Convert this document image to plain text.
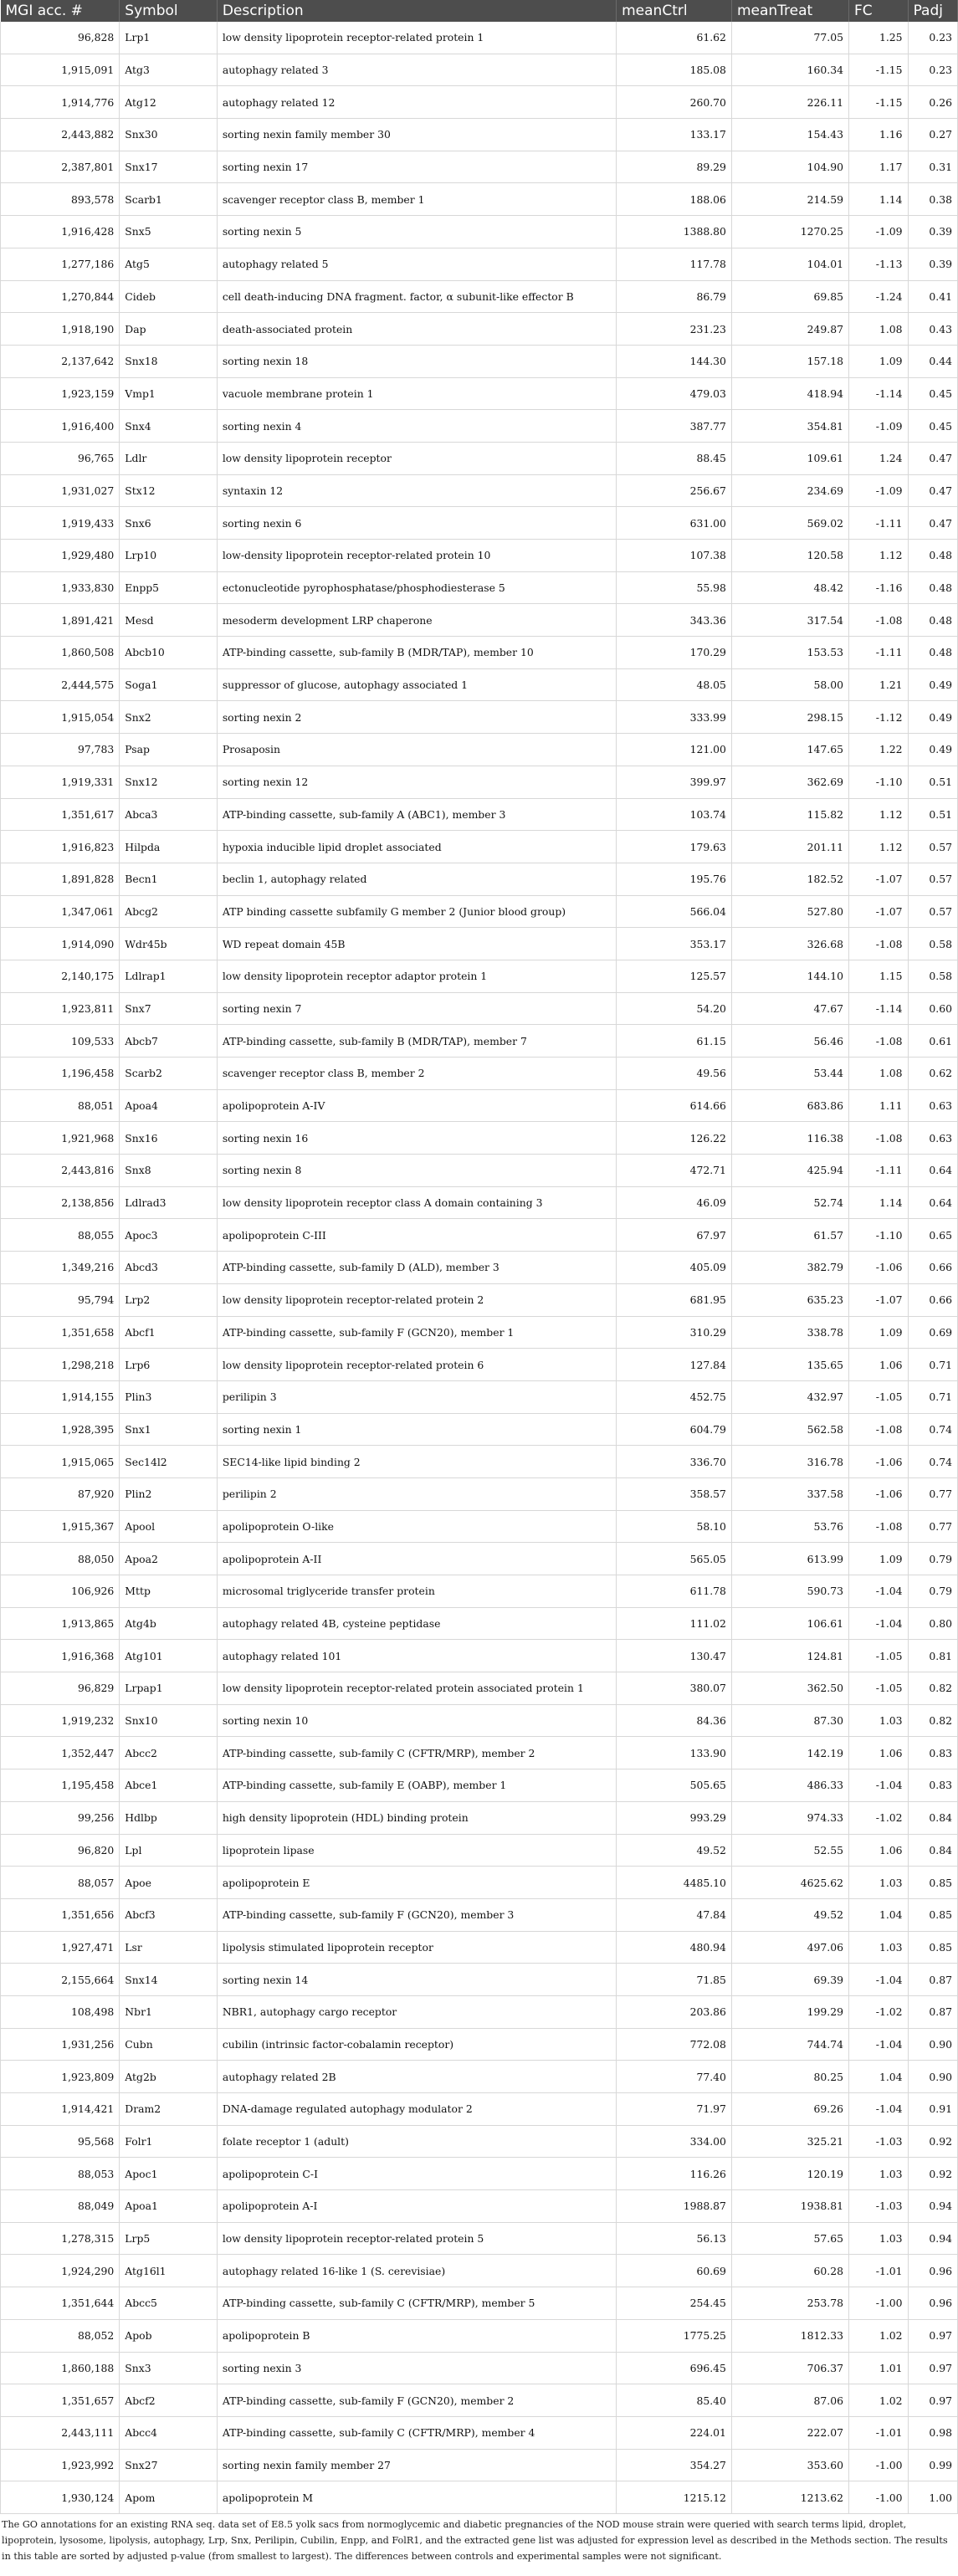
MGI acc. #	Symbol	Description	meanCtrl	meanTreat	FC	Padj
96,828	Lrp1	low density lipoprotein receptor-related protein 1	61.62	77.05	1.25	0.23
1,915,091	Atg3	autophagy related 3	185.08	160.34	-1.15	0.23
1,914,776	Atg12	autophagy related 12	260.70	226.11	-1.15	0.26
2,443,882	Snx30	sorting nexin family member 30	133.17	154.43	1.16	0.27
2,387,801	Snx17	sorting nexin 17	89.29	104.90	1.17	0.31
893,578	Scarb1	scavenger receptor class B, member 1	188.06	214.59	1.14	0.38
1,916,428	Snx5	sorting nexin 5	1388.80	1270.25	-1.09	0.39
1,277,186	Atg5	autophagy related 5	117.78	104.01	-1.13	0.39
1,270,844	Cideb	cell death-inducing DNA fragment. factor, α subunit-like effector B	86.79	69.85	-1.24	0.41
1,918,190	Dap	death-associated protein	231.23	249.87	1.08	0.43
2,137,642	Snx18	sorting nexin 18	144.30	157.18	1.09	0.44
1,923,159	Vmp1	vacuole membrane protein 1	479.03	418.94	-1.14	0.45
1,916,400	Snx4	sorting nexin 4	387.77	354.81	-1.09	0.45
96,765	Ldlr	low density lipoprotein receptor	88.45	109.61	1.24	0.47
1,931,027	Stx12	syntaxin 12	256.67	234.69	-1.09	0.47
1,919,433	Snx6	sorting nexin 6	631.00	569.02	-1.11	0.47
1,929,480	Lrp10	low-density lipoprotein receptor-related protein 10	107.38	120.58	1.12	0.48
1,933,830	Enpp5	ectonucleotide pyrophosphatase/phosphodiesterase 5	55.98	48.42	-1.16	0.48
1,891,421	Mesd	mesoderm development LRP chaperone	343.36	317.54	-1.08	0.48
1,860,508	Abcb10	ATP-binding cassette, sub-family B (MDR/TAP), member 10	170.29	153.53	-1.11	0.48
2,444,575	Soga1	suppressor of glucose, autophagy associated 1	48.05	58.00	1.21	0.49
1,915,054	Snx2	sorting nexin 2	333.99	298.15	-1.12	0.49
97,783	Psap	Prosaposin	121.00	147.65	1.22	0.49
1,919,331	Snx12	sorting nexin 12	399.97	362.69	-1.10	0.51
1,351,617	Abca3	ATP-binding cassette, sub-family A (ABC1), member 3	103.74	115.82	1.12	0.51
1,916,823	Hilpda	hypoxia inducible lipid droplet associated	179.63	201.11	1.12	0.57
1,891,828	Becn1	beclin 1, autophagy related	195.76	182.52	-1.07	0.57
1,347,061	Abcg2	ATP binding cassette subfamily G member 2 (Junior blood group)	566.04	527.80	-1.07	0.57
1,914,090	Wdr45b	WD repeat domain 45B	353.17	326.68	-1.08	0.58
2,140,175	Ldlrap1	low density lipoprotein receptor adaptor protein 1	125.57	144.10	1.15	0.58
1,923,811	Snx7	sorting nexin 7	54.20	47.67	-1.14	0.60
109,533	Abcb7	ATP-binding cassette, sub-family B (MDR/TAP), member 7	61.15	56.46	-1.08	0.61
1,196,458	Scarb2	scavenger receptor class B, member 2	49.56	53.44	1.08	0.62
88,051	Apoa4	apolipoprotein A-IV	614.66	683.86	1.11	0.63
1,921,968	Snx16	sorting nexin 16	126.22	116.38	-1.08	0.63
2,443,816	Snx8	sorting nexin 8	472.71	425.94	-1.11	0.64
2,138,856	Ldlrad3	low density lipoprotein receptor class A domain containing 3	46.09	52.74	1.14	0.64
88,055	Apoc3	apolipoprotein C-III	67.97	61.57	-1.10	0.65
1,349,216	Abcd3	ATP-binding cassette, sub-family D (ALD), member 3	405.09	382.79	-1.06	0.66
95,794	Lrp2	low density lipoprotein receptor-related protein 2	681.95	635.23	-1.07	0.66
1,351,658	Abcf1	ATP-binding cassette, sub-family F (GCN20), member 1	310.29	338.78	1.09	0.69
1,298,218	Lrp6	low density lipoprotein receptor-related protein 6	127.84	135.65	1.06	0.71
1,914,155	Plin3	perilipin 3	452.75	432.97	-1.05	0.71
1,928,395	Snx1	sorting nexin 1	604.79	562.58	-1.08	0.74
1,915,065	Sec14l2	SEC14-like lipid binding 2	336.70	316.78	-1.06	0.74
87,920	Plin2	perilipin 2	358.57	337.58	-1.06	0.77
1,915,367	Apool	apolipoprotein O-like	58.10	53.76	-1.08	0.77
88,050	Apoa2	apolipoprotein A-II	565.05	613.99	1.09	0.79
106,926	Mttp	microsomal triglyceride transfer protein	611.78	590.73	-1.04	0.79
1,913,865	Atg4b	autophagy related 4B, cysteine peptidase	111.02	106.61	-1.04	0.80
1,916,368	Atg101	autophagy related 101	130.47	124.81	-1.05	0.81
96,829	Lrpap1	low density lipoprotein receptor-related protein associated protein 1	380.07	362.50	-1.05	0.82
1,919,232	Snx10	sorting nexin 10	84.36	87.30	1.03	0.82
1,352,447	Abcc2	ATP-binding cassette, sub-family C (CFTR/MRP), member 2	133.90	142.19	1.06	0.83
1,195,458	Abce1	ATP-binding cassette, sub-family E (OABP), member 1	505.65	486.33	-1.04	0.83
99,256	Hdlbp	high density lipoprotein (HDL) binding protein	993.29	974.33	-1.02	0.84
96,820	Lpl	lipoprotein lipase	49.52	52.55	1.06	0.84
88,057	Apoe	apolipoprotein E	4485.10	4625.62	1.03	0.85
1,351,656	Abcf3	ATP-binding cassette, sub-family F (GCN20), member 3	47.84	49.52	1.04	0.85
1,927,471	Lsr	lipolysis stimulated lipoprotein receptor	480.94	497.06	1.03	0.85
2,155,664	Snx14	sorting nexin 14	71.85	69.39	-1.04	0.87
108,498	Nbr1	NBR1, autophagy cargo receptor	203.86	199.29	-1.02	0.87
1,931,256	Cubn	cubilin (intrinsic factor-cobalamin receptor)	772.08	744.74	-1.04	0.90
1,923,809	Atg2b	autophagy related 2B	77.40	80.25	1.04	0.90
1,914,421	Dram2	DNA-damage regulated autophagy modulator 2	71.97	69.26	-1.04	0.91
95,568	Folr1	folate receptor 1 (adult)	334.00	325.21	-1.03	0.92
88,053	Apoc1	apolipoprotein C-I	116.26	120.19	1.03	0.92
88,049	Apoa1	apolipoprotein A-I	1988.87	1938.81	-1.03	0.94
1,278,315	Lrp5	low density lipoprotein receptor-related protein 5	56.13	57.65	1.03	0.94
1,924,290	Atg16l1	autophagy related 16-like 1 (S. cerevisiae)	60.69	60.28	-1.01	0.96
1,351,644	Abcc5	ATP-binding cassette, sub-family C (CFTR/MRP), member 5	254.45	253.78	-1.00	0.96
88,052	Apob	apolipoprotein B	1775.25	1812.33	1.02	0.97
1,860,188	Snx3	sorting nexin 3	696.45	706.37	1.01	0.97
1,351,657	Abcf2	ATP-binding cassette, sub-family F (GCN20), member 2	85.40	87.06	1.02	0.97
2,443,111	Abcc4	ATP-binding cassette, sub-family C (CFTR/MRP), member 4	224.01	222.07	-1.01	0.98
1,923,992	Snx27	sorting nexin family member 27	354.27	353.60	-1.00	0.99
1,930,124	Apom	apolipoprotein M	1215.12	1213.62	-1.00	1.00
The GO annotations for an existing RNA seq. data set of E8.5 yolk sacs from normoglycemic and diabetic pregnancies of the NOD mouse strain were queried with search terms lipid, droplet, lipoprotein, lysosome, lipolysis, autophagy, Lrp, Snx, Perilipin, Cubilin, Enpp, and FolR1, and the extracted gene list was adjusted for expression level as described in the Methods section. The results in this table are sorted by adjusted p-value (from smallest to largest). The differences between controls and experimental samples were not significant.
